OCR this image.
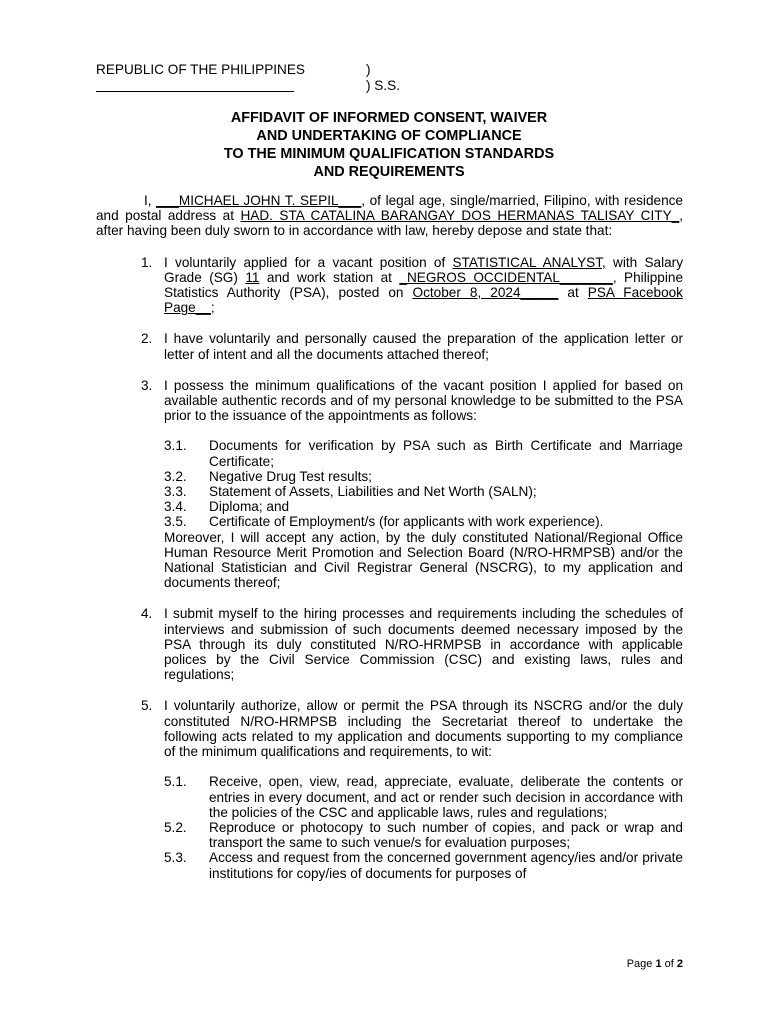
REPUBLIC OF THE PHILIPPINES	)
) S.S.
AFFIDAVIT OF INFORMED CONSENT, WAIVER
AND UNDERTAKING OF COMPLIANCE
TO THE MINIMUM QUALIFICATION STANDARDS
AND REQUIREMENTS

I, ___MICHAEL JOHN T. SEPIL___, of legal age, single/married, Filipino, with residence and postal address at HAD. STA CATALINA BARANGAY DOS HERMANAS TALISAY CITY_, after having been duly sworn to in accordance with law, hereby depose and state that:

1. I voluntarily applied for a vacant position of STATISTICAL ANALYST, with Salary Grade (SG) 11 and work station at _NEGROS OCCIDENTAL_______, Philippine Statistics Authority (PSA), posted on October 8, 2024_____ at PSA Facebook Page__;
2. I have voluntarily and personally caused the preparation of the application letter or letter of intent and all the documents attached thereof;
3. I possess the minimum qualifications of the vacant position I applied for based on available authentic records and of my personal knowledge to be submitted to the PSA prior to the issuance of the appointments as follows:
3.1. Documents for verification by PSA such as Birth Certificate and Marriage Certificate;
3.2. Negative Drug Test results;
3.3. Statement of Assets, Liabilities and Net Worth (SALN);
3.4. Diploma; and
3.5. Certificate of Employment/s (for applicants with work experience).

Moreover, I will accept any action, by the duly constituted National/Regional Office Human Resource Merit Promotion and Selection Board (N/RO-HRMPSB) and/or the National Statistician and Civil Registrar General (NSCRG), to my application and documents thereof;

4. I submit myself to the hiring processes and requirements including the schedules of interviews and submission of such documents deemed necessary imposed by the PSA through its duly constituted N/RO-HRMPSB in accordance with applicable polices by the Civil Service Commission (CSC) and existing laws, rules and regulations;
5. I voluntarily authorize, allow or permit the PSA through its NSCRG and/or the duly constituted N/RO-HRMPSB including the Secretariat thereof to undertake the following acts related to my application and documents supporting to my compliance of the minimum qualifications and requirements, to wit:
5.1. Receive, open, view, read, appreciate, evaluate, deliberate the contents or entries in every document, and act or render such decision in accordance with the policies of the CSC and applicable laws, rules and regulations;
5.2. Reproduce or photocopy to such number of copies, and pack or wrap and transport the same to such venue/s for evaluation purposes;
5.3. Access and request from the concerned government agency/ies and/or private institutions for copy/ies of documents for purposes of
Page 1 of 2
